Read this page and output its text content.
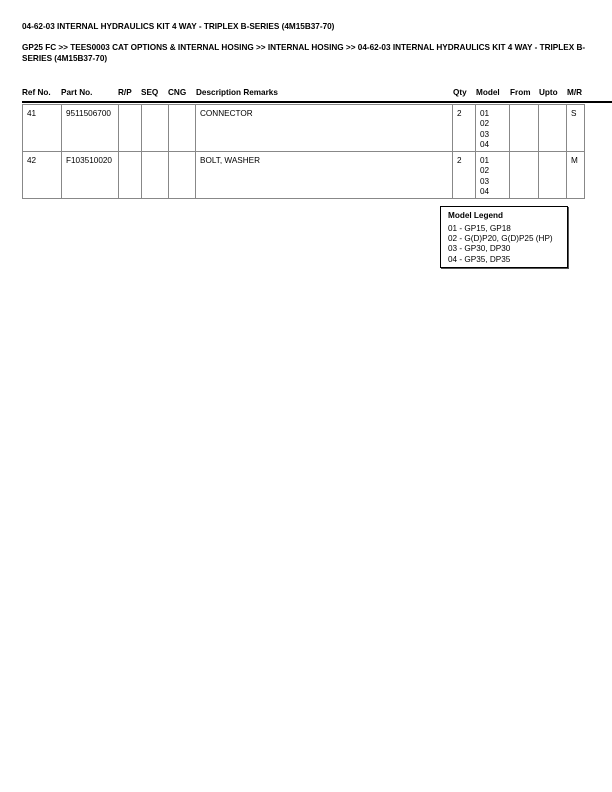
04-62-03 INTERNAL HYDRAULICS KIT 4 WAY - TRIPLEX B-SERIES (4M15B37-70)
GP25 FC >> TEES0003 CAT OPTIONS & INTERNAL HOSING >> INTERNAL HOSING >> 04-62-03 INTERNAL HYDRAULICS KIT 4 WAY - TRIPLEX B-SERIES (4M15B37-70)
Ref No. Part No.	R/P SEQ CNG Description Remarks	Qty Model From Upto M/R
41	9511506700				CONNECTOR	2	01
02
03
04			S
42	F103510020				BOLT, WASHER	2	01
02
03
04			M
Model Legend
01 - GP15, GP18
02 - G(D)P20, G(D)P25 (HP)
03 - GP30, DP30
04 - GP35, DP35
